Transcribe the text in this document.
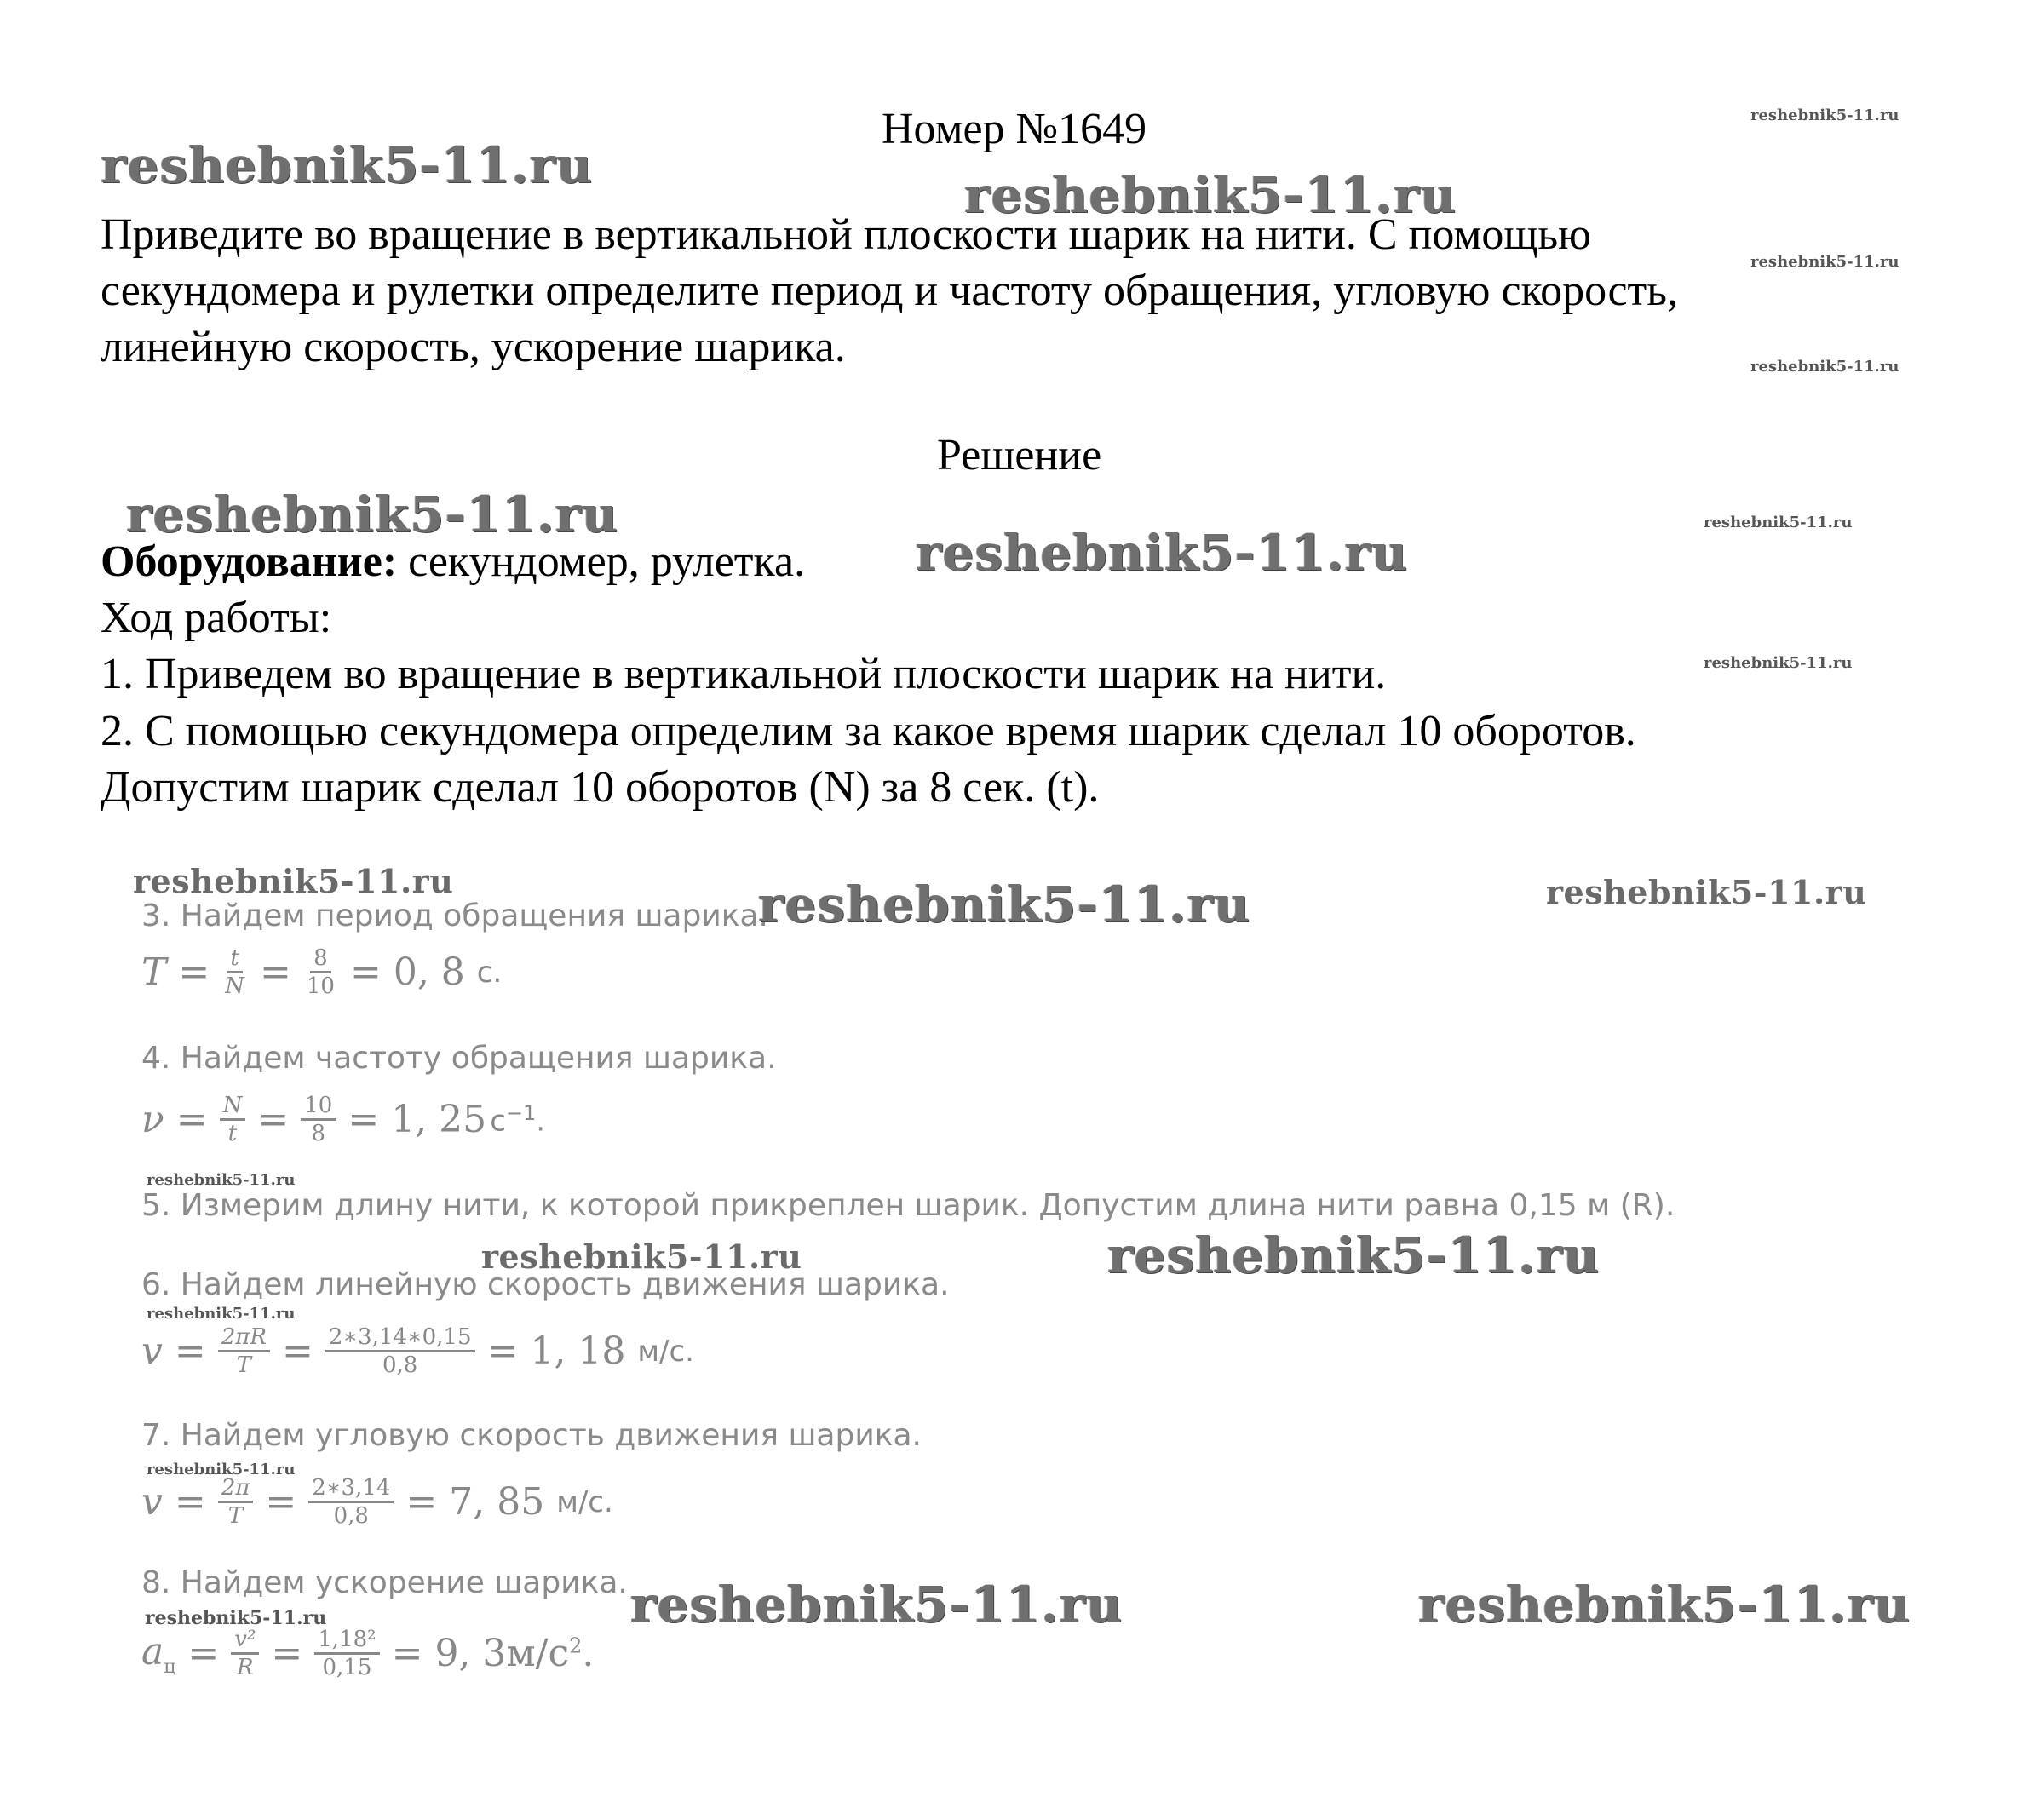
Номер №1649
Приведите во вращение в вертикальной плоскости шарик на нити. С помощью
секундомера и рулетки определите период и частоту обращения, угловую скорость,
линейную скорость, ускорение шарика.
Решение
Оборудование: секундомер, рулетка.
Ход работы:
1. Приведем во вращение в вертикальной плоскости шарик на нити.
2. С помощью секундомера определим за какое время шарик сделал 10 оборотов.
Допустим шарик сделал 10 оборотов (N) за 8 сек. (t).
3. Найдем период обращения шарика.
$T = \frac{t}{N} = \frac{8}{10} = 0$, 8 с.
4. Найдем частоту обращения шарика.
$\nu = \frac{N}{t} = \frac{10}{8} = 1$, 25 $с^{-1}$.
5. Измерим длину нити, к которой прикреплен шарик. Допустим длина нити равна 0,15 м (R).
6. Найдем линейную скорость движения шарика.
$v = \frac{2\pi R}{T} = \frac{2∗3,14∗0,15}{0,8} = 1$, 18 м/с.
7. Найдем угловую скорость движения шарика.
$v = \frac{2\pi}{T} = \frac{2∗3,14}{0,8} = 7$, 85 м/с.
8. Найдем ускорение шарика.
$a_ц = \frac{\text{v²}}{R} = \frac{\text{1,18²}}{0,15} = 9$, $3м/с^2$.
reshebnik5-11.ru
reshebnik5-11.ru
reshebnik5-11.ru
reshebnik5-11.ru
reshebnik5-11.ru
reshebnik5-11.ru
reshebnik5-11.ru
reshebnik5-11.ru
reshebnik5-11.ru
reshebnik5-11.ru	reshebnik5-11.ru	reshebnik5-11.ru
reshebnik5-11.ru
reshebnik5-11.ru	reshebnik5-11.ru
reshebnik5-11.ru
reshebnik5-11.ru
reshebnik5-11.ru	reshebnik5-11.ru
reshebnik5-11.ru
